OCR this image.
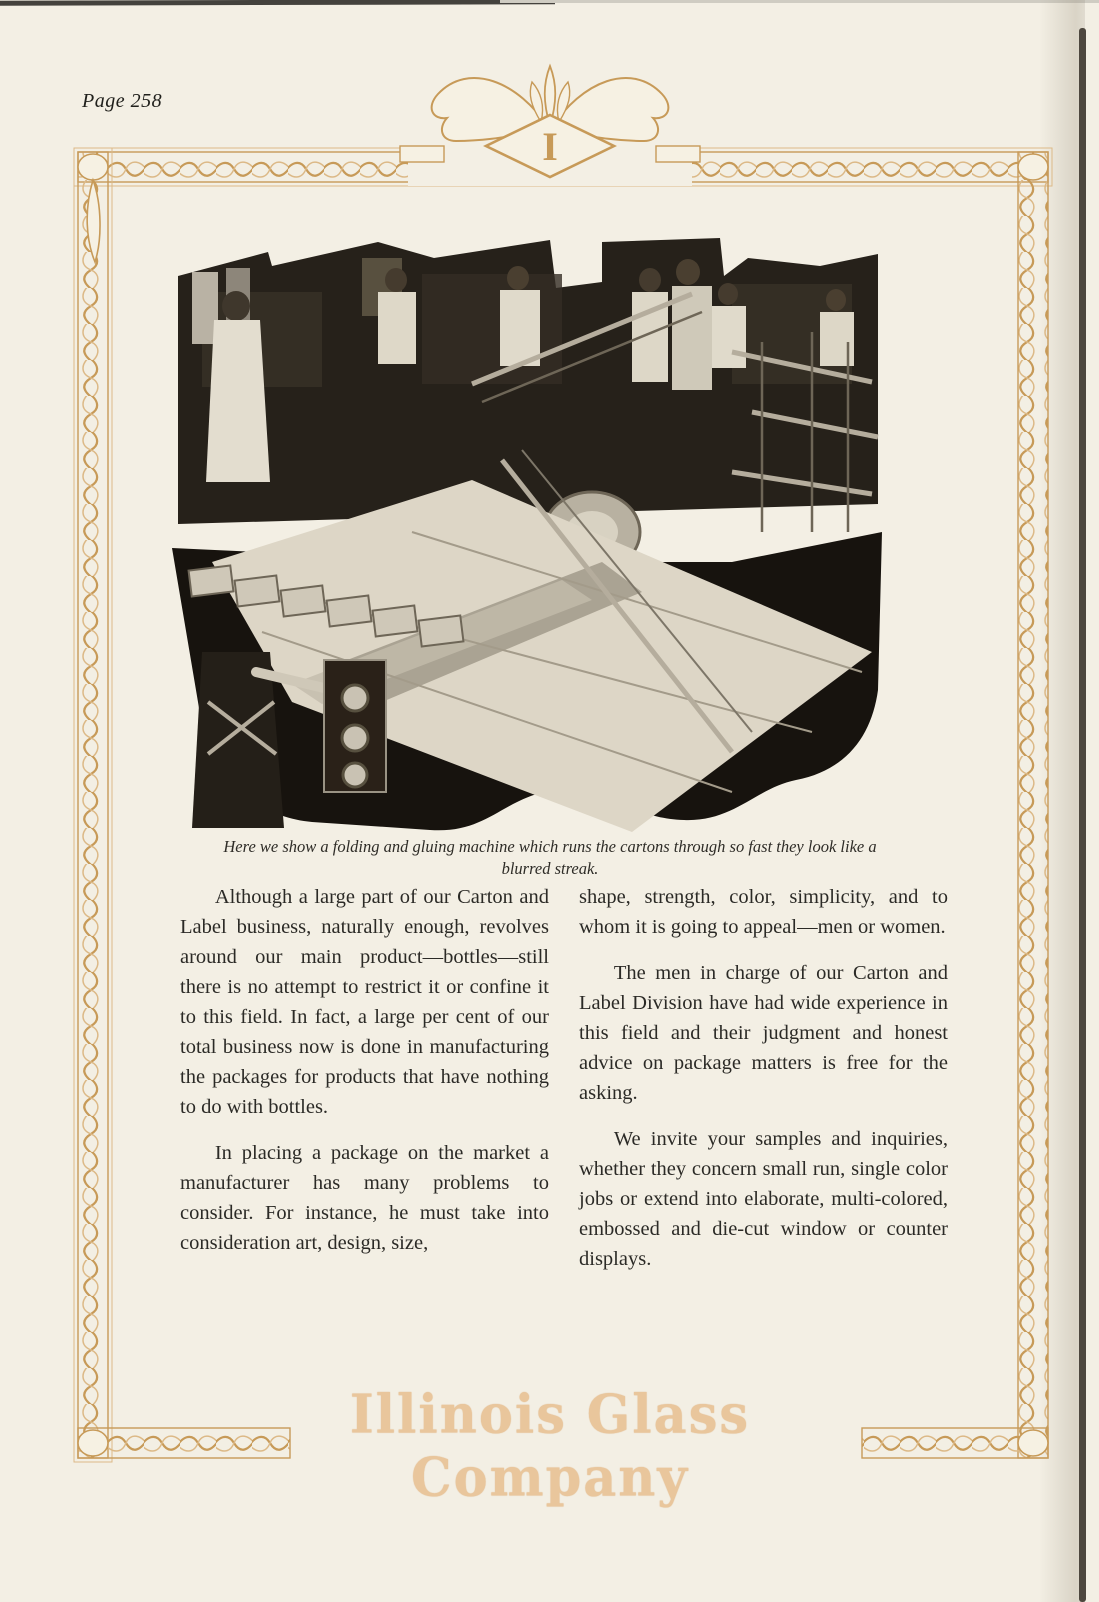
Page 258
I
Here we show a folding and gluing machine which runs the cartons through so fast they look like a blurred streak.

Although a large part of our Carton and Label business, naturally enough, revolves around our main product—bottles—still there is no attempt to restrict it or confine it to this field. In fact, a large per cent of our total business now is done in manufacturing the packages for products that have nothing to do with bottles.

In placing a package on the market a manufacturer has many problems to consider. For instance, he must take into consideration art, design, size,

shape, strength, color, simplicity, and to whom it is going to appeal—men or women.

The men in charge of our Carton and Label Division have had wide experience in this field and their judgment and honest advice on package matters is free for the asking.

We invite your samples and inquiries, whether they concern small run, single color jobs or extend into elaborate, multi-colored, embossed and die-cut window or counter displays.

Illinois Glass Company
